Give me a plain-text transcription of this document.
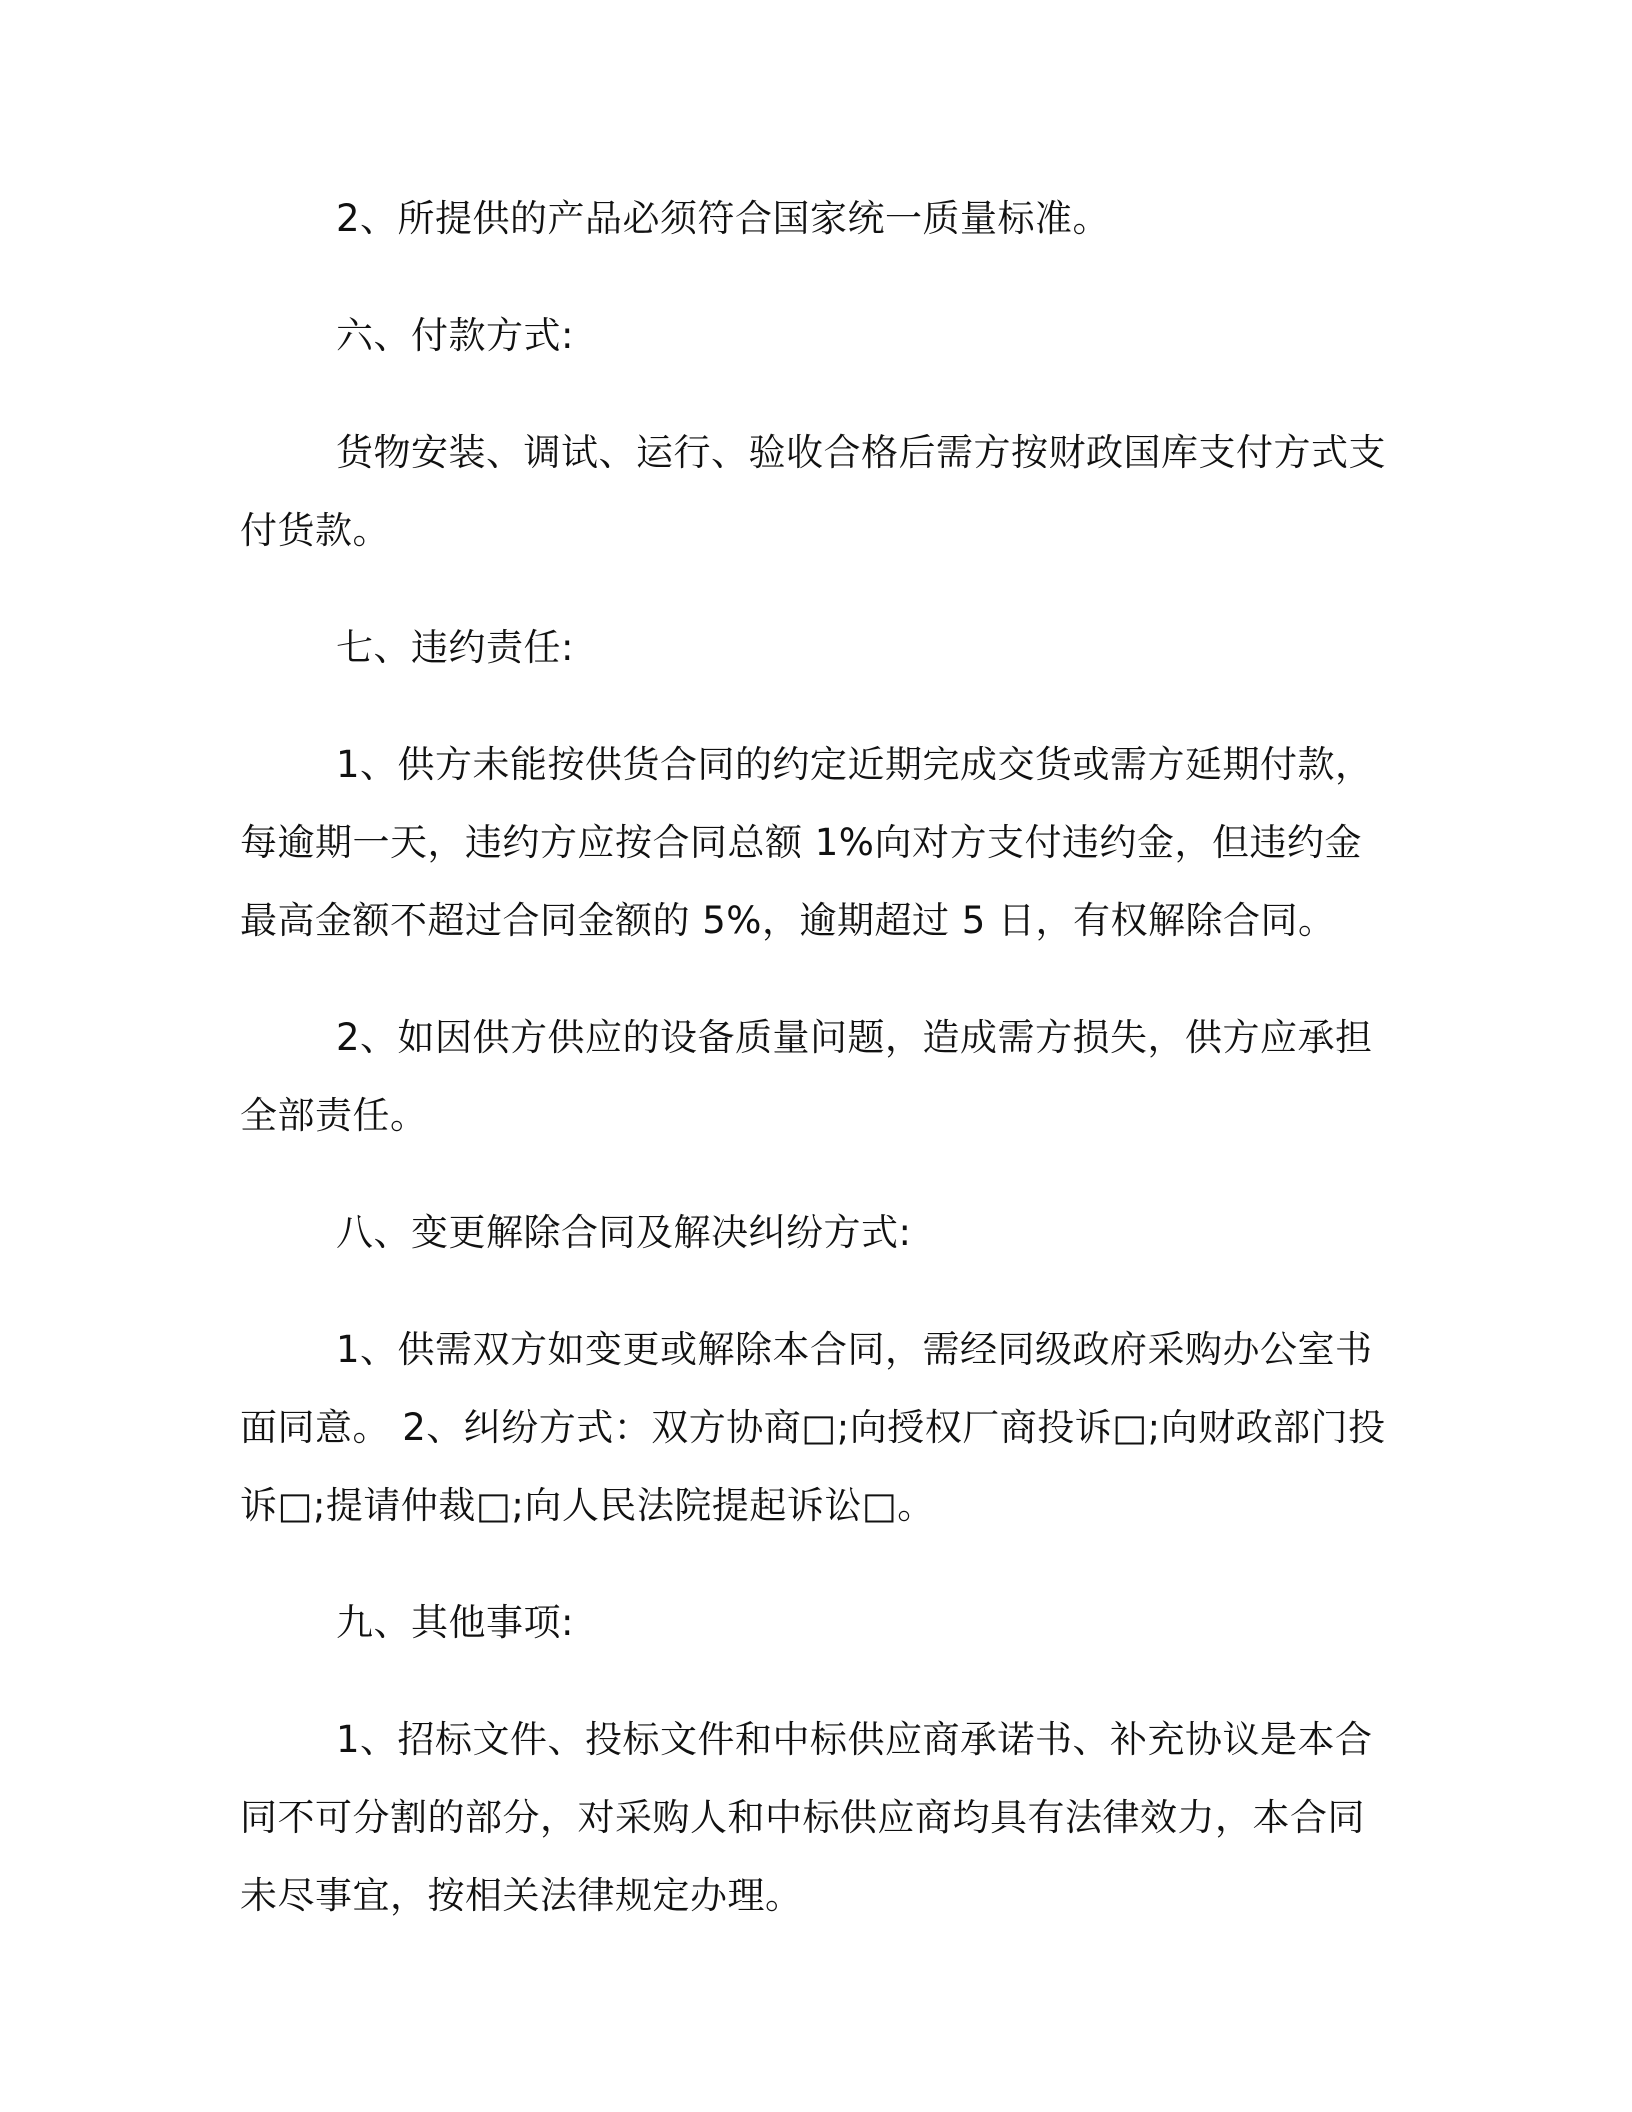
2、所提供的产品必须符合国家统一质量标准。

六、付款方式:

货物安装、调试、运行、验收合格后需方按财政国库支付方式支付货款。

七、违约责任:

1、供方未能按供货合同的约定近期完成交货或需方延期付款，每逾期一天，违约方应按合同总额 1%向对方支付违约金，但违约金最高金额不超过合同金额的 5%，逾期超过 5 日，有权解除合同。

2、如因供方供应的设备质量问题，造成需方损失，供方应承担全部责任。

八、变更解除合同及解决纠纷方式:

1、供需双方如变更或解除本合同，需经同级政府采购办公室书面同意。 2、纠纷方式：双方协商□;向授权厂商投诉□;向财政部门投诉□;提请仲裁□;向人民法院提起诉讼□。

九、其他事项:

1、招标文件、投标文件和中标供应商承诺书、补充协议是本合同不可分割的部分，对采购人和中标供应商均具有法律效力，本合同未尽事宜，按相关法律规定办理。
